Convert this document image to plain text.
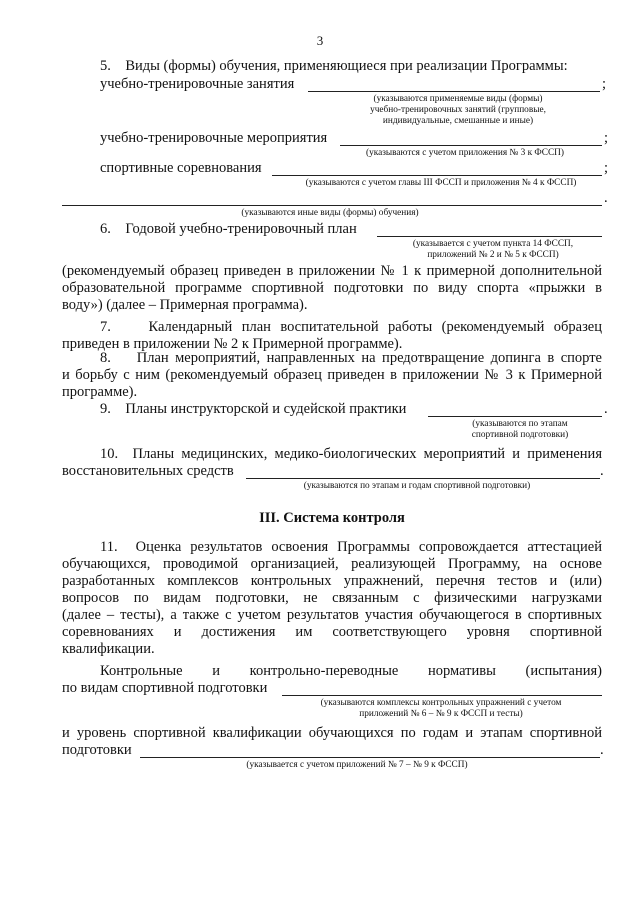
3
5.    Виды (формы) обучения, применяющиеся при реализации Программы:
учебно-тренировочные занятия	;
(указываются применяемые виды (формы)
учебно-тренировочных занятий (групповые,
индивидуальные, смешанные и иные)
учебно-тренировочные мероприятия	;
(указываются с учетом приложения № 3 к ФССП)
спортивные соревнования	;
(указываются с учетом главы III ФССП и приложения № 4 к ФССП)
.
(указываются иные виды (формы) обучения)
6.    Годовой учебно-тренировочный план
(указывается с учетом пункта 14 ФССП,
приложений № 2 и № 5 к ФССП)
(рекомендуемый образец приведен в приложении № 1 к примерной дополнительной
образовательной программе спортивной подготовки по виду спорта «прыжки в
воду») (далее – Примерная программа).
7.    Календарный план воспитательной работы (рекомендуемый образец
приведен в приложении № 2 к Примерной программе).
8.    План мероприятий, направленных на предотвращение допинга в спорте
и борьбу с ним (рекомендуемый образец приведен в приложении № 3 к Примерной
программе).
9.    Планы инструкторской и судейской практики	.
(указываются по этапам
спортивной подготовки)
10.  Планы медицинских, медико-биологических мероприятий и применения
восстановительных средств	.
(указываются по этапам и годам спортивной подготовки)
III. Система контроля
11.  Оценка результатов освоения Программы сопровождается аттестацией
обучающихся, проводимой организацией, реализующей Программу, на основе
разработанных комплексов контрольных упражнений, перечня тестов и (или)
вопросов по видам подготовки, не связанным с физическими нагрузками
(далее – тесты), а также с учетом результатов участия обучающегося в спортивных
соревнованиях и достижения им соответствующего уровня спортивной
квалификации.
Контрольные и контрольно-переводные нормативы (испытания)
по видам спортивной подготовки
(указываются комплексы контрольных упражнений с учетом
приложений № 6 – № 9 к ФССП и тесты)
и уровень спортивной квалификации обучающихся по годам и этапам спортивной
подготовки	.
(указывается с учетом приложений № 7 – № 9 к ФССП)
